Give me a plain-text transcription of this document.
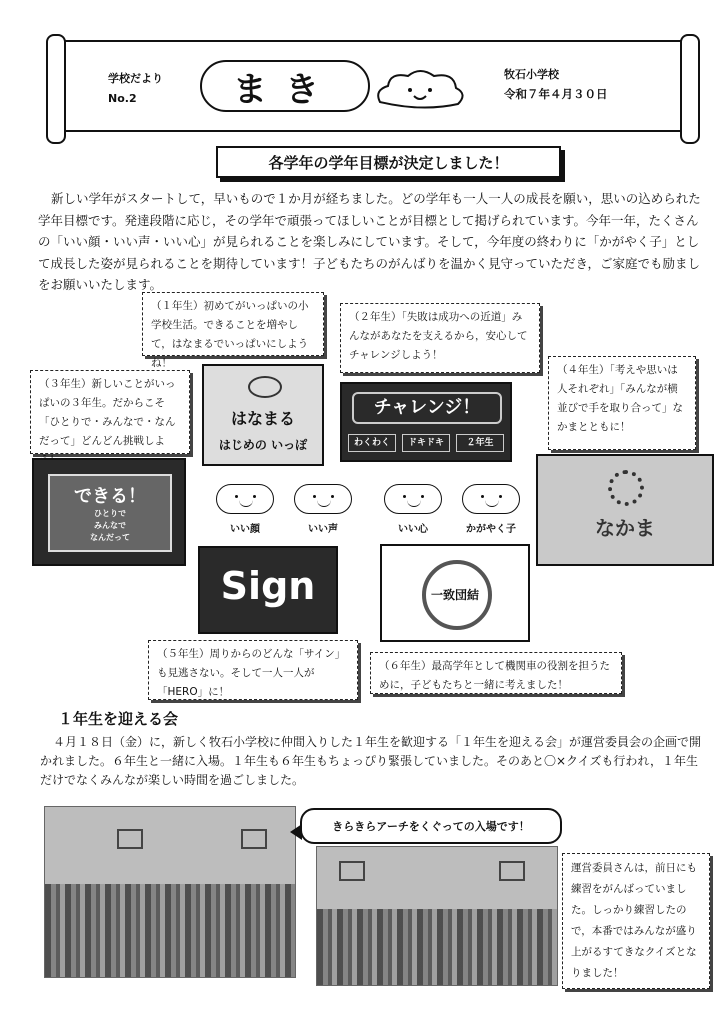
学校だより
No.2	まき	牧石小学校
令和７年４月３０日
各学年の学年目標が決定しました！

新しい学年がスタートして，早いもので１か月が経ちました。どの学年も一人一人の成長を願い，思いの込められた学年目標です。発達段階に応じ，その学年で頑張ってほしいことが目標として掲げられています。今年一年，たくさんの「いい顔・いい声・いい心」が見られることを楽しみにしています。そして，今年度の終わりに「かがやく子」として成長した姿が見られることを期待しています！子どもたちのがんばりを温かく見守っていただき，ご家庭でも励ましをお願いいたします。

（１年生）初めてがいっぱいの小学校生活。できることを増やして，はなまるでいっぱいにしようね！
（２年生）「失敗は成功への近道」みんながあなたを支えるから，安心してチャレンジしよう！
（３年生）新しいことがいっぱいの３年生。だからこそ「ひとりで・みんなで・なんだって」どんどん挑戦しよ
（４年生）「考えや思いは人それぞれ」「みんなが横並びで手を取り合って」なかまとともに！
（５年生）周りからのどんな「サイン」も見逃さない。そして一人一人が「HERO」に！
（６年生）最高学年として機関車の役割を担うために，子どもたちと一緒に考えました！
はなまる
はじめの いっぽ
チャレンジ！
わくわく	ドキドキ	２年生
できる！
ひとりで
みんなで
なんだって	なかま
いい顔	いい声	いい心	かがやく子
Sign	一致団結
１年生を迎える会

４月１８日（金）に，新しく牧石小学校に仲間入りした１年生を歓迎する「１年生を迎える会」が運営委員会の企画で開かれました。６年生と一緒に入場。１年生も６年生もちょっぴり緊張していました。そのあと〇×クイズも行われ，１年生だけでなくみんなが楽しい時間を過ごしました。

きらきらアーチをくぐっての入場です！
運営委員さんは，前日にも練習をがんばっていました。しっかり練習したので，本番ではみんなが盛り上がるすてきなクイズとなりました！
